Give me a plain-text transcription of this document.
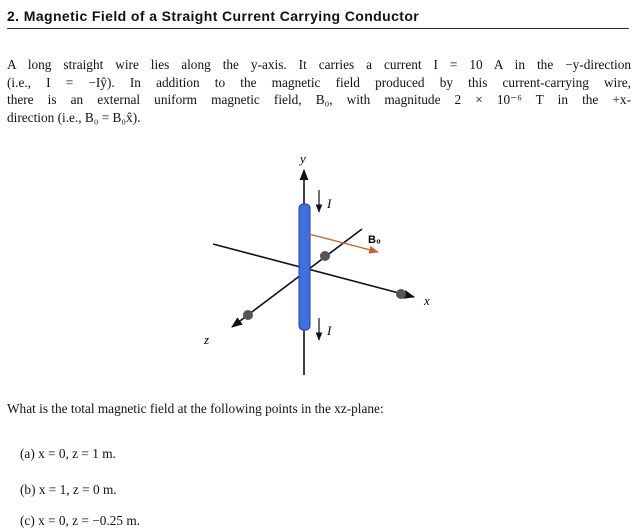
2. Magnetic Field of a Straight Current Carrying Conductor

A long straight wire lies along the y-axis. It carries a current I = 10 A in the −y-direction
(i.e., I = −Iŷ). In addition to the magnetic field produced by this current-carrying wire,
there is an external uniform magnetic field, B₀, with magnitude 2 × 10⁻⁶ T in the +x-
direction (i.e., B₀ = B₀x̂).

y
x
z
I
I
B₀

What is the total magnetic field at the following points in the xz-plane:

(a) x = 0, z = 1 m.

(b) x = 1, z = 0 m.

(c) x = 0, z = −0.25 m.
